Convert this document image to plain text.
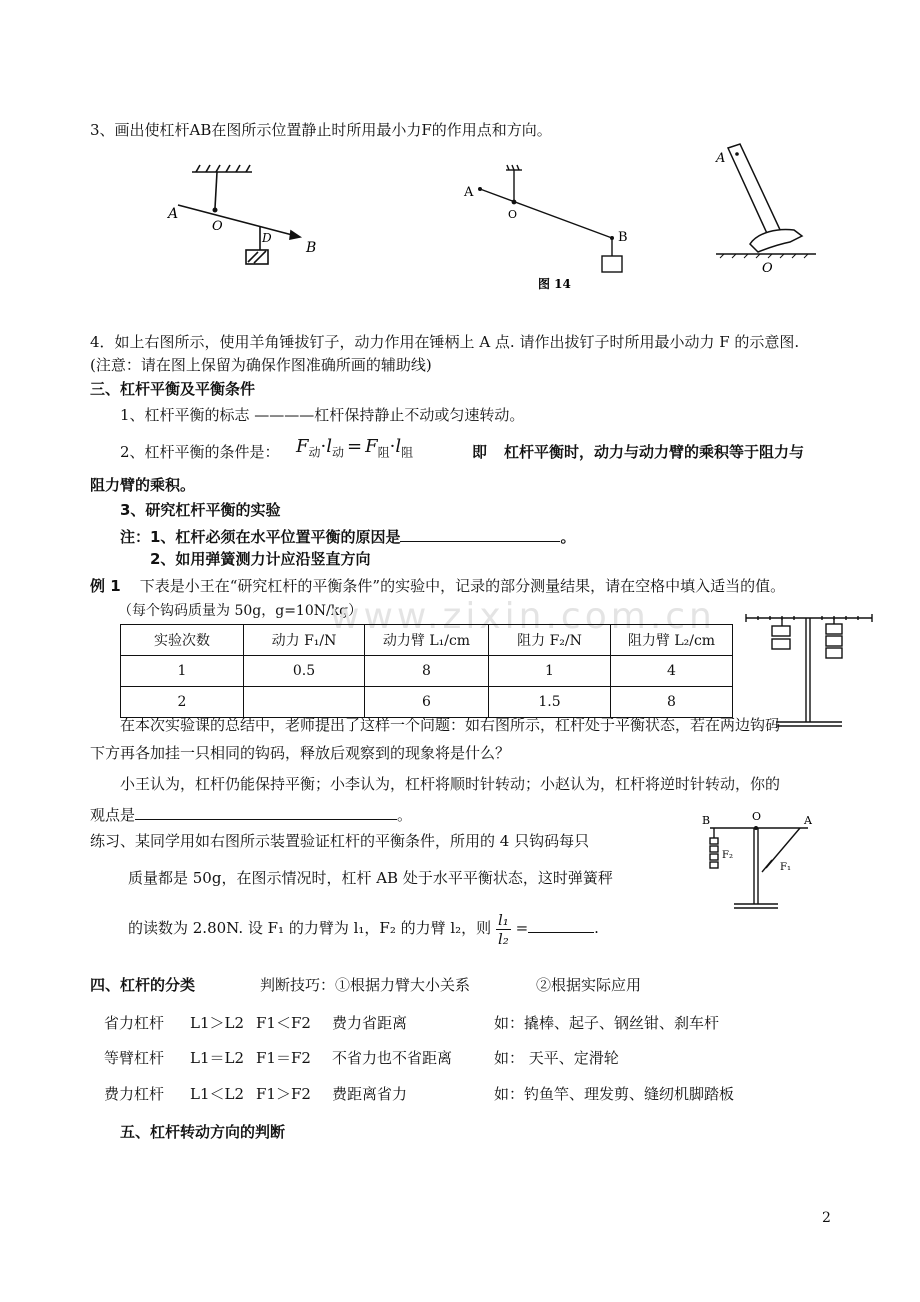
3、画出使杠杆AB在图所示位置静止时所用最小力F的作用点和方向。
A
O
D
B
A
O
B
图 14
A
O
4．如上右图所示，使用羊角锤拔钉子，动力作用在锤柄上 A 点. 请作出拔钉子时所用最小动力 F 的示意图.
(注意：请在图上保留为确保作图准确所画的辅助线)
三、杠杆平衡及平衡条件
1、杠杆平衡的标志 ————杠杆保持静止不动或匀速转动。
2、杠杆平衡的条件是： $F_动\cdot l_动 = F_阻\cdot l_阻$	即 杠杆平衡时，动力与动力臂的乘积等于阻力与
阻力臂的乘积。
3、研究杠杆平衡的实验
注：1、杠杆必须在水平位置平衡的原因是	。
2、如用弹簧测力计应沿竖直方向
例 1 下表是小王在“研究杠杆的平衡条件”的实验中，记录的部分测量结果，请在空格中填入适当的值。
（每个钩码质量为 50g，g=10N/kg）
www.zixin.com.cn
实验次数	动力 F₁/N	动力臂 L₁/cm	阻力 F₂/N	阻力臂 L₂/cm
1	0.5	8	1	4
2		6	1.5	8
在本次实验课的总结中，老师提出了这样一个问题：如右图所示，杠杆处于平衡状态，若在两边钩码
下方再各加挂一只相同的钩码，释放后观察到的现象将是什么？
小王认为，杠杆仍能保持平衡；小李认为，杠杆将顺时针转动；小赵认为，杠杆将逆时针转动，你的
观点是	。
练习、某同学用如右图所示装置验证杠杆的平衡条件，所用的 4 只钩码每只
质量都是 50g，在图示情况时，杠杆 AB 处于水平平衡状态，这时弹簧秤
的读数为 2.80N. 设 F₁ 的力臂为 l₁，F₂ 的力臂 l₂，则 $\frac{\text{l₁}}{\text{l₂}}$ =	.
B	O	A
F₂
F₁
四、杠杆的分类	判断技巧：①根据力臂大小关系	②根据实际应用
省力杠杆 L1＞L2 F1＜F2 费力省距离	如：撬棒、起子、钢丝钳、刹车杆
等臂杠杆 L1＝L2 F1＝F2 不省力也不省距离	如： 天平、定滑轮
费力杠杆 L1＜L2 F1＞F2 费距离省力	如：钓鱼竿、理发剪、缝纫机脚踏板
五、杠杆转动方向的判断
2
